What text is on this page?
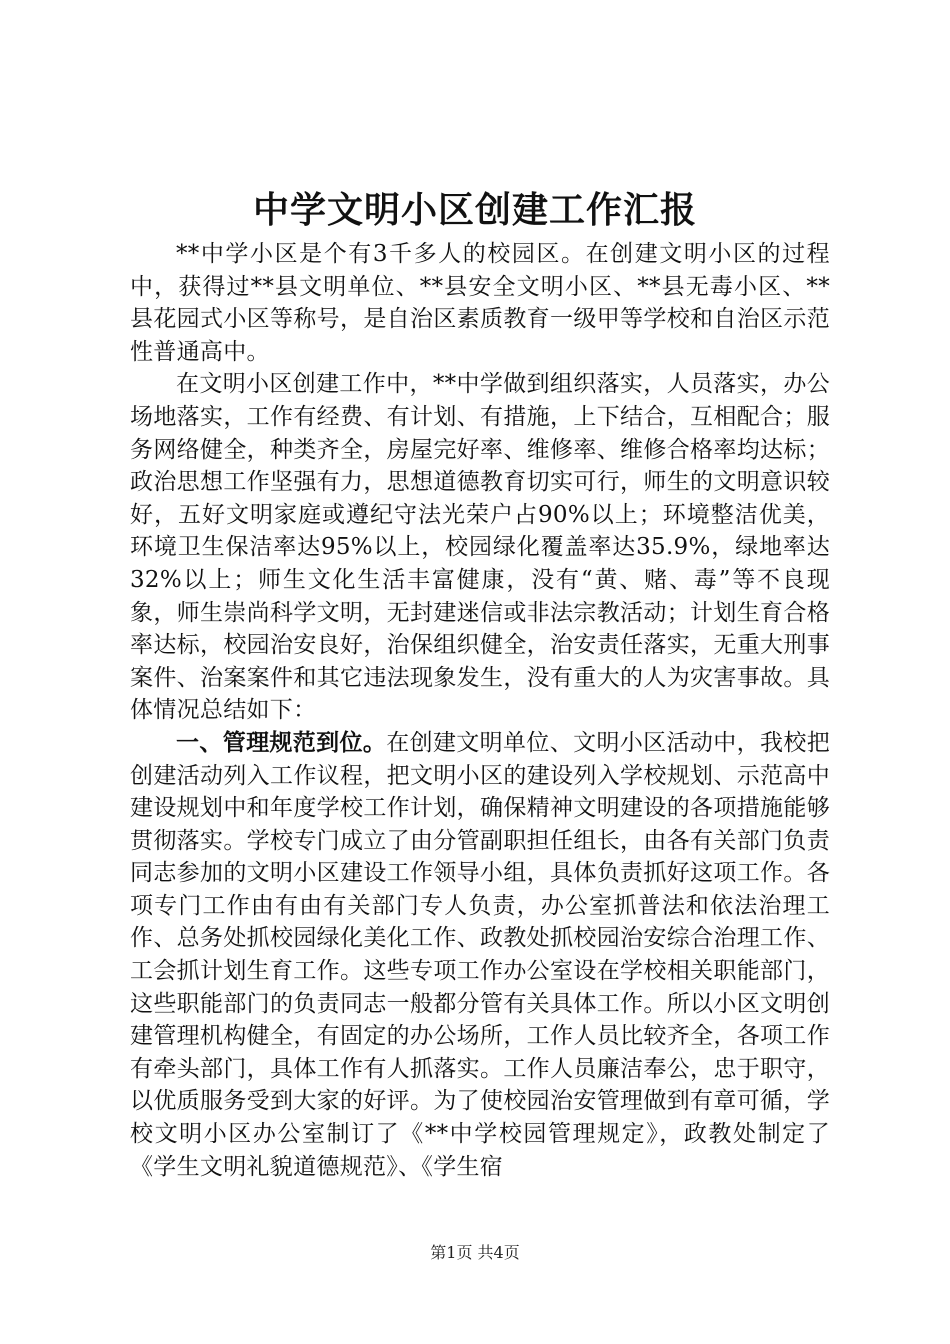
中学文明小区创建工作汇报

**中学小区是个有3千多人的校园区。在创建文明小区的过程中，获得过**县文明单位、**县安全文明小区、**县无毒小区、**县花园式小区等称号，是自治区素质教育一级甲等学校和自治区示范性普通高中。

在文明小区创建工作中，**中学做到组织落实，人员落实，办公场地落实，工作有经费、有计划、有措施，上下结合，互相配合；服务网络健全，种类齐全，房屋完好率、维修率、维修合格率均达标；政治思想工作坚强有力，思想道德教育切实可行，师生的文明意识较好，五好文明家庭或遵纪守法光荣户占90%以上；环境整洁优美，环境卫生保洁率达95%以上，校园绿化覆盖率达35.9%，绿地率达32%以上；师生文化生活丰富健康，没有“黄、赌、毒”等不良现象，师生崇尚科学文明，无封建迷信或非法宗教活动；计划生育合格率达标，校园治安良好，治保组织健全，治安责任落实，无重大刑事案件、治案案件和其它违法现象发生，没有重大的人为灾害事故。具体情况总结如下：

一、管理规范到位。在创建文明单位、文明小区活动中，我校把创建活动列入工作议程，把文明小区的建设列入学校规划、示范高中建设规划中和年度学校工作计划，确保精神文明建设的各项措施能够贯彻落实。学校专门成立了由分管副职担任组长，由各有关部门负责同志参加的文明小区建设工作领导小组，具体负责抓好这项工作。各项专门工作由有由有关部门专人负责，办公室抓普法和依法治理工作、总务处抓校园绿化美化工作、政教处抓校园治安综合治理工作、工会抓计划生育工作。这些专项工作办公室设在学校相关职能部门，这些职能部门的负责同志一般都分管有关具体工作。所以小区文明创建管理机构健全，有固定的办公场所，工作人员比较齐全，各项工作有牵头部门，具体工作有人抓落实。工作人员廉洁奉公，忠于职守，以优质服务受到大家的好评。为了使校园治安管理做到有章可循，学校文明小区办公室制订了《**中学校园管理规定》，政教处制定了《学生文明礼貌道德规范》、《学生宿

第1页 共4页
